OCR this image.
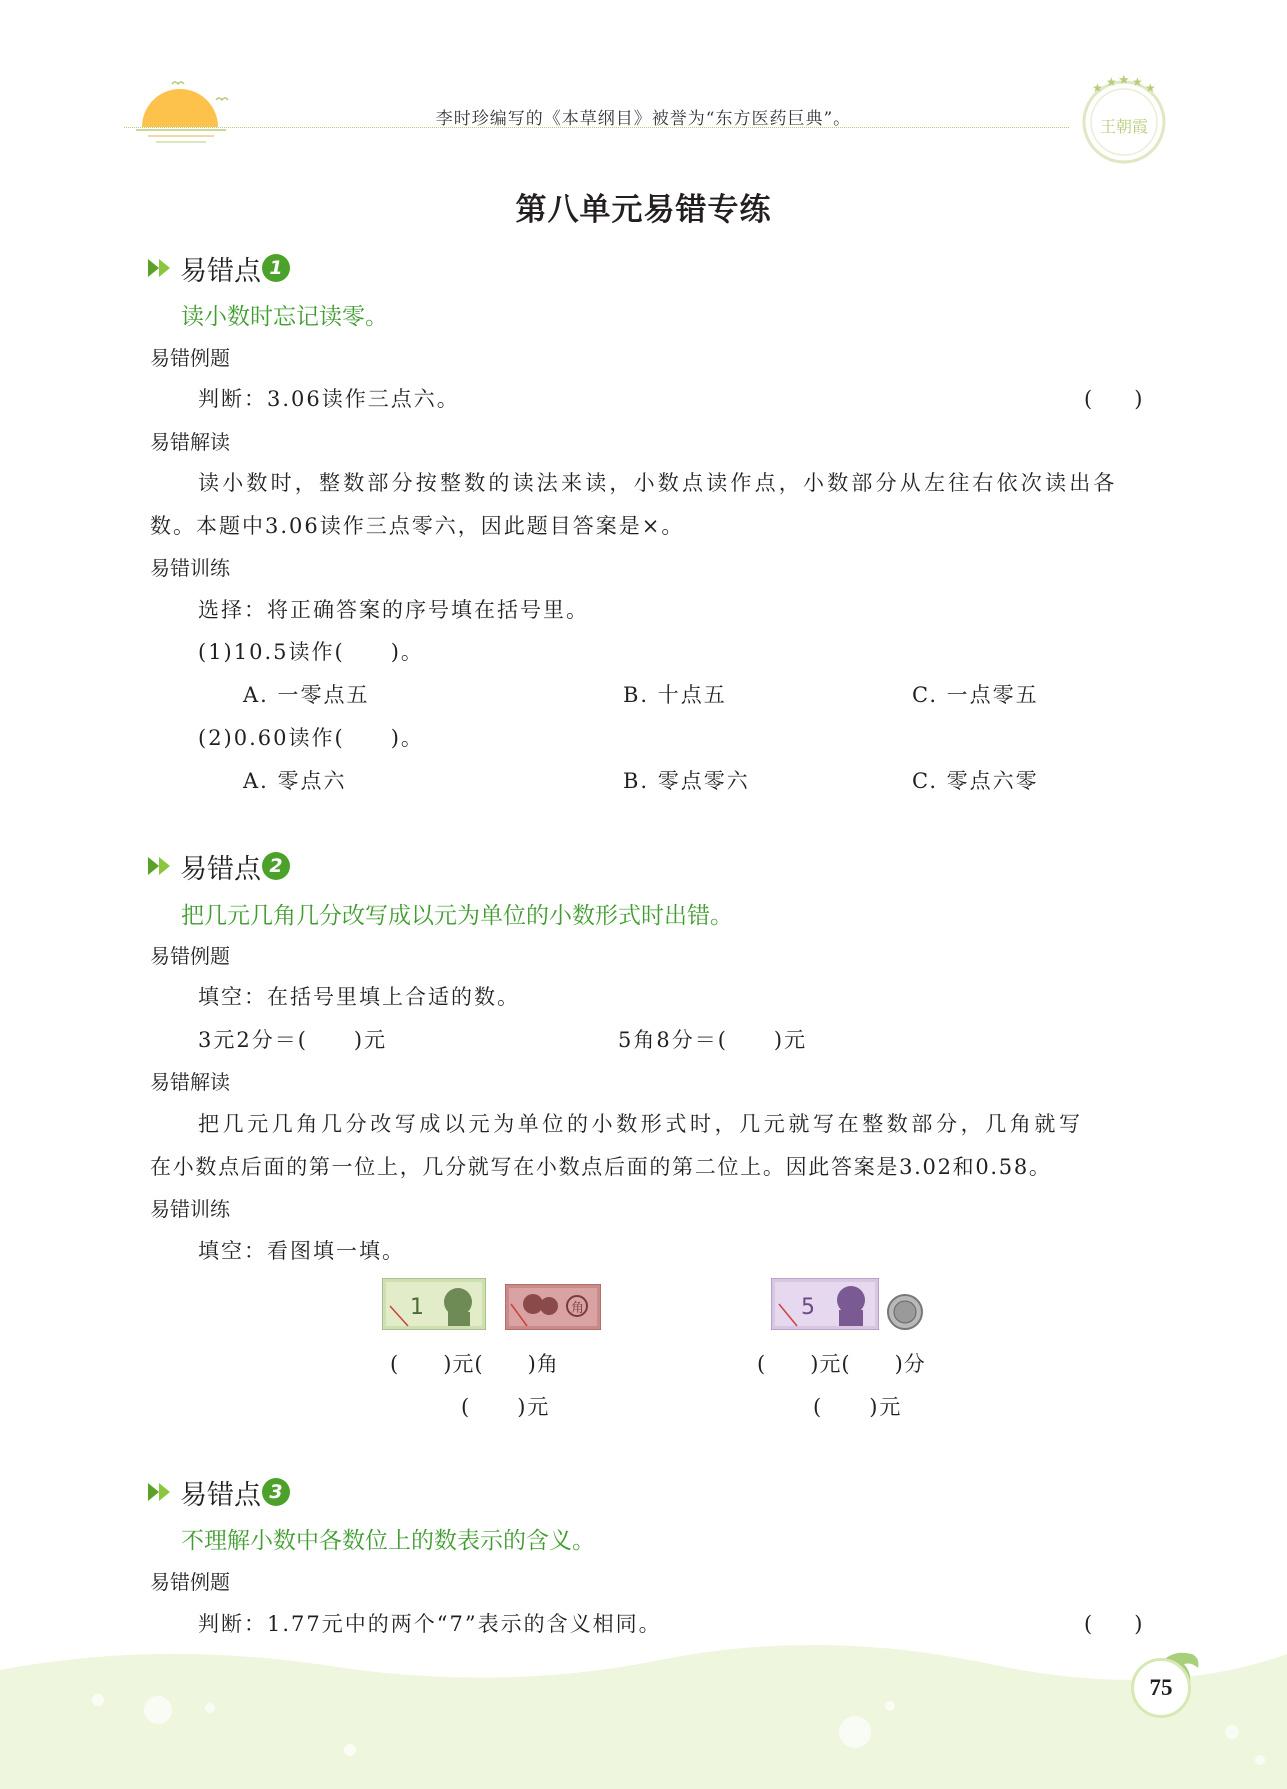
李时珍编写的《本草纲目》被誉为“东方医药巨典”。
★ ★ ★ ★ ★
王朝霞
第八单元易错专练
易错点 1
读小数时忘记读零。
易错例题
判断：3.06读作三点六。	(　　)
易错解读
读小数时，整数部分按整数的读法来读，小数点读作点，小数部分从左往右依次读出各
数。本题中3.06读作三点零六，因此题目答案是×。
易错训练
选择：将正确答案的序号填在括号里。
(1)10.5读作(　　)。
A. 一零点五	B. 十点五	C. 一点零五
(2)0.60读作(　　)。
A. 零点六	B. 零点零六	C. 零点六零
易错点 2
把几元几角几分改写成以元为单位的小数形式时出错。
易错例题
填空：在括号里填上合适的数。
3元2分＝(　　)元	5角8分＝(　　)元
易错解读
把几元几角几分改写成以元为单位的小数形式时，几元就写在整数部分，几角就写
在小数点后面的第一位上，几分就写在小数点后面的第二位上。因此答案是3.02和0.58。
易错训练
填空：看图填一填。
1	角	5
(　　)元(　　)角
(　　)元
(　　)元(　　)分
(　　)元
易错点 3
不理解小数中各数位上的数表示的含义。
易错例题
判断：1.77元中的两个“7”表示的含义相同。	(　　)
75
